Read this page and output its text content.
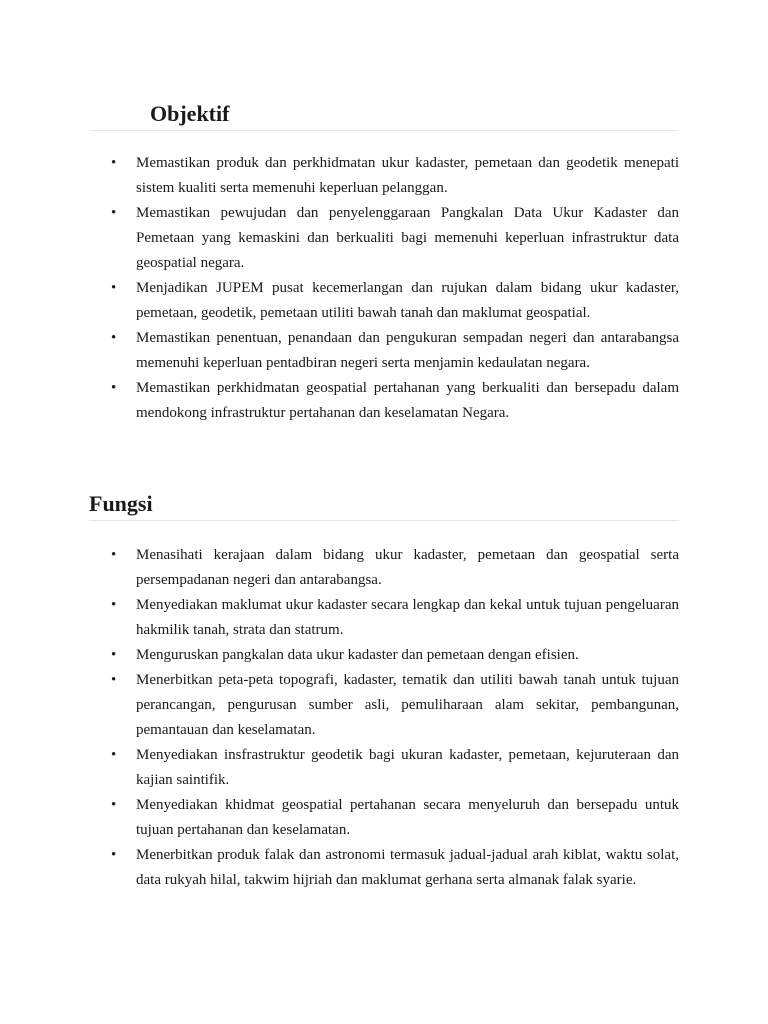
Objektif
• Memastikan produk dan perkhidmatan ukur kadaster, pemetaan dan geodetik menepati sistem kualiti serta memenuhi keperluan pelanggan.
• Memastikan pewujudan dan penyelenggaraan Pangkalan Data Ukur Kadaster dan Pemetaan yang kemaskini dan berkualiti bagi memenuhi keperluan infrastruktur data geospatial negara.
• Menjadikan JUPEM pusat kecemerlangan dan rujukan dalam bidang ukur kadaster, pemetaan, geodetik, pemetaan utiliti bawah tanah dan maklumat geospatial.
• Memastikan penentuan, penandaan dan pengukuran sempadan negeri dan antarabangsa memenuhi keperluan pentadbiran negeri serta menjamin kedaulatan negara.
• Memastikan perkhidmatan geospatial pertahanan yang berkualiti dan bersepadu dalam mendokong infrastruktur pertahanan dan keselamatan Negara.
Fungsi
• Menasihati kerajaan dalam bidang ukur kadaster, pemetaan dan geospatial serta persempadanan negeri dan antarabangsa.
• Menyediakan maklumat ukur kadaster secara lengkap dan kekal untuk tujuan pengeluaran hakmilik tanah, strata dan statrum.
• Menguruskan pangkalan data ukur kadaster dan pemetaan dengan efisien.
• Menerbitkan peta-peta topografi, kadaster, tematik dan utiliti bawah tanah untuk tujuan perancangan, pengurusan sumber asli, pemuliharaan alam sekitar, pembangunan, pemantauan dan keselamatan.
• Menyediakan insfrastruktur geodetik bagi ukuran kadaster, pemetaan, kejuruteraan dan kajian saintifik.
• Menyediakan khidmat geospatial pertahanan secara menyeluruh dan bersepadu untuk tujuan pertahanan dan keselamatan.
• Menerbitkan produk falak dan astronomi termasuk jadual-jadual arah kiblat, waktu solat, data rukyah hilal, takwim hijriah dan maklumat gerhana serta almanak falak syarie.
